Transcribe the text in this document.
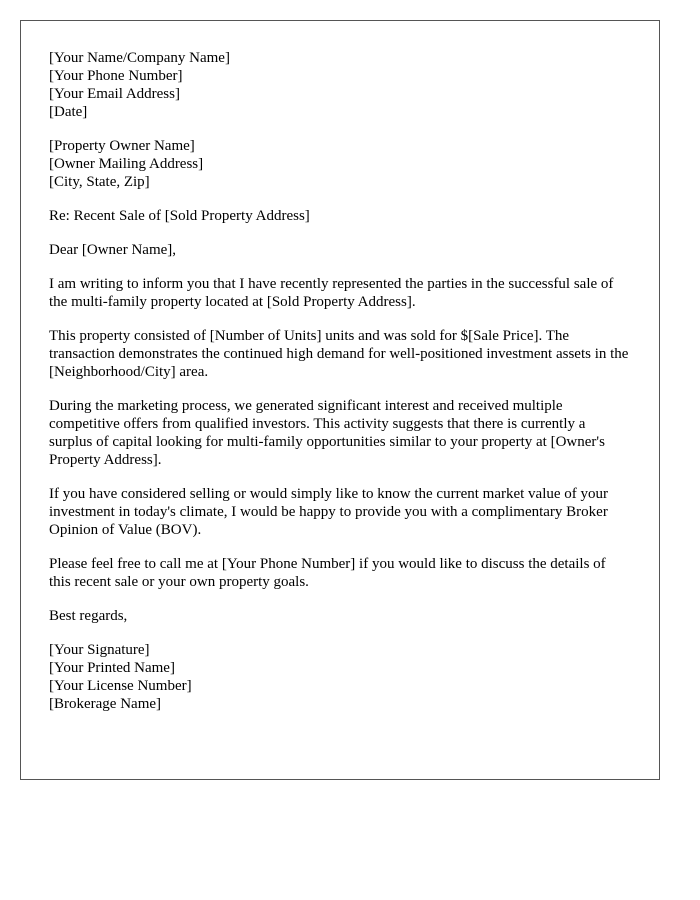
[Your Name/Company Name]
[Your Phone Number]
[Your Email Address]
[Date]
[Property Owner Name]
[Owner Mailing Address]
[City, State, Zip]

Re: Recent Sale of [Sold Property Address]

Dear [Owner Name],

I am writing to inform you that I have recently represented the parties in the successful sale of the multi-family property located at [Sold Property Address].

This property consisted of [Number of Units] units and was sold for $[Sale Price]. The transaction demonstrates the continued high demand for well-positioned investment assets in the [Neighborhood/City] area.

During the marketing process, we generated significant interest and received multiple competitive offers from qualified investors. This activity suggests that there is currently a surplus of capital looking for multi-family opportunities similar to your property at [Owner's Property Address].

If you have considered selling or would simply like to know the current market value of your investment in today's climate, I would be happy to provide you with a complimentary Broker Opinion of Value (BOV).

Please feel free to call me at [Your Phone Number] if you would like to discuss the details of this recent sale or your own property goals.

Best regards,

[Your Signature]
[Your Printed Name]
[Your License Number]
[Brokerage Name]
